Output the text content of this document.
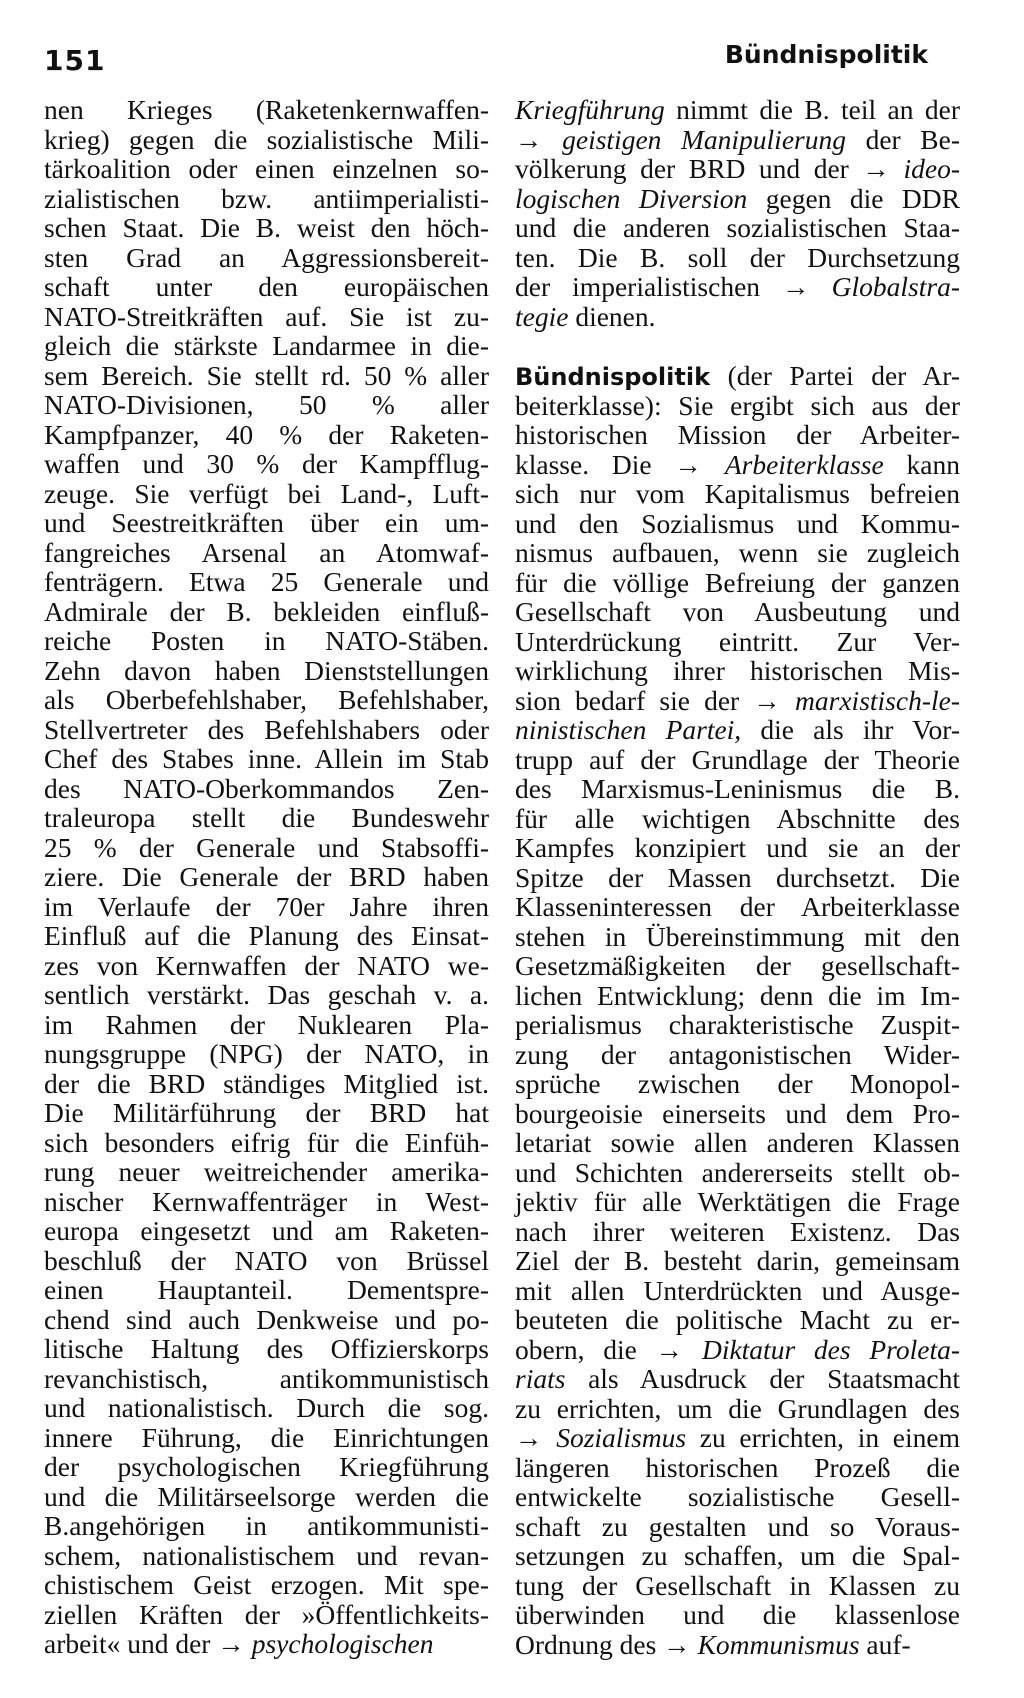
151	Bündnispolitik
nen Krieges (Raketenkernwaffen-
krieg) gegen die sozialistische Mili-
tärkoalition oder einen einzelnen so-
zialistischen bzw. antiimperialisti-
schen Staat. Die B. weist den höch-
sten Grad an Aggressionsbereit-
schaft unter den europäischen
NATO-Streitkräften auf. Sie ist zu-
gleich die stärkste Landarmee in die-
sem Bereich. Sie stellt rd. 50 % aller
NATO-Divisionen, 50 % aller
Kampfpanzer, 40 % der Raketen-
waffen und 30 % der Kampfflug-
zeuge. Sie verfügt bei Land-, Luft-
und Seestreitkräften über ein um-
fangreiches Arsenal an Atomwaf-
fenträgern. Etwa 25 Generale und
Admirale der B. bekleiden einfluß-
reiche Posten in NATO-Stäben.
Zehn davon haben Dienststellungen
als Oberbefehlshaber, Befehlshaber,
Stellvertreter des Befehlshabers oder
Chef des Stabes inne. Allein im Stab
des NATO-Oberkommandos Zen-
traleuropa stellt die Bundeswehr
25 % der Generale und Stabsoffi-
ziere. Die Generale der BRD haben
im Verlaufe der 70er Jahre ihren
Einfluß auf die Planung des Einsat-
zes von Kernwaffen der NATO we-
sentlich verstärkt. Das geschah v. a.
im Rahmen der Nuklearen Pla-
nungsgruppe (NPG) der NATO, in
der die BRD ständiges Mitglied ist.
Die Militärführung der BRD hat
sich besonders eifrig für die Einfüh-
rung neuer weitreichender amerika-
nischer Kernwaffenträger in West-
europa eingesetzt und am Raketen-
beschluß der NATO von Brüssel
einen Hauptanteil. Dementspre-
chend sind auch Denkweise und po-
litische Haltung des Offizierskorps
revanchistisch, antikommunistisch
und nationalistisch. Durch die sog.
innere Führung, die Einrichtungen
der psychologischen Kriegführung
und die Militärseelsorge werden die
B.angehörigen in antikommunisti-
schem, nationalistischem und revan-
chistischem Geist erzogen. Mit spe-
ziellen Kräften der »Öffentlichkeits-
arbeit« und der → psychologischen
Kriegführung nimmt die B. teil an der
→ geistigen Manipulierung der Be-
völkerung der BRD und der → ideo-
logischen Diversion gegen die DDR
und die anderen sozialistischen Staa-
ten. Die B. soll der Durchsetzung
der imperialistischen → Globalstra-
tegie dienen.
Bündnispolitik (der Partei der Ar-
beiterklasse): Sie ergibt sich aus der
historischen Mission der Arbeiter-
klasse. Die → Arbeiterklasse kann
sich nur vom Kapitalismus befreien
und den Sozialismus und Kommu-
nismus aufbauen, wenn sie zugleich
für die völlige Befreiung der ganzen
Gesellschaft von Ausbeutung und
Unterdrückung eintritt. Zur Ver-
wirklichung ihrer historischen Mis-
sion bedarf sie der → marxistisch-le-
ninistischen Partei, die als ihr Vor-
trupp auf der Grundlage der Theorie
des Marxismus-Leninismus die B.
für alle wichtigen Abschnitte des
Kampfes konzipiert und sie an der
Spitze der Massen durchsetzt. Die
Klasseninteressen der Arbeiterklasse
stehen in Übereinstimmung mit den
Gesetzmäßigkeiten der gesellschaft-
lichen Entwicklung; denn die im Im-
perialismus charakteristische Zuspit-
zung der antagonistischen Wider-
sprüche zwischen der Monopol-
bourgeoisie einerseits und dem Pro-
letariat sowie allen anderen Klassen
und Schichten andererseits stellt ob-
jektiv für alle Werktätigen die Frage
nach ihrer weiteren Existenz. Das
Ziel der B. besteht darin, gemeinsam
mit allen Unterdrückten und Ausge-
beuteten die politische Macht zu er-
obern, die → Diktatur des Proleta-
riats als Ausdruck der Staatsmacht
zu errichten, um die Grundlagen des
→ Sozialismus zu errichten, in einem
längeren historischen Prozeß die
entwickelte sozialistische Gesell-
schaft zu gestalten und so Voraus-
setzungen zu schaffen, um die Spal-
tung der Gesellschaft in Klassen zu
überwinden und die klassenlose
Ordnung des → Kommunismus auf-
